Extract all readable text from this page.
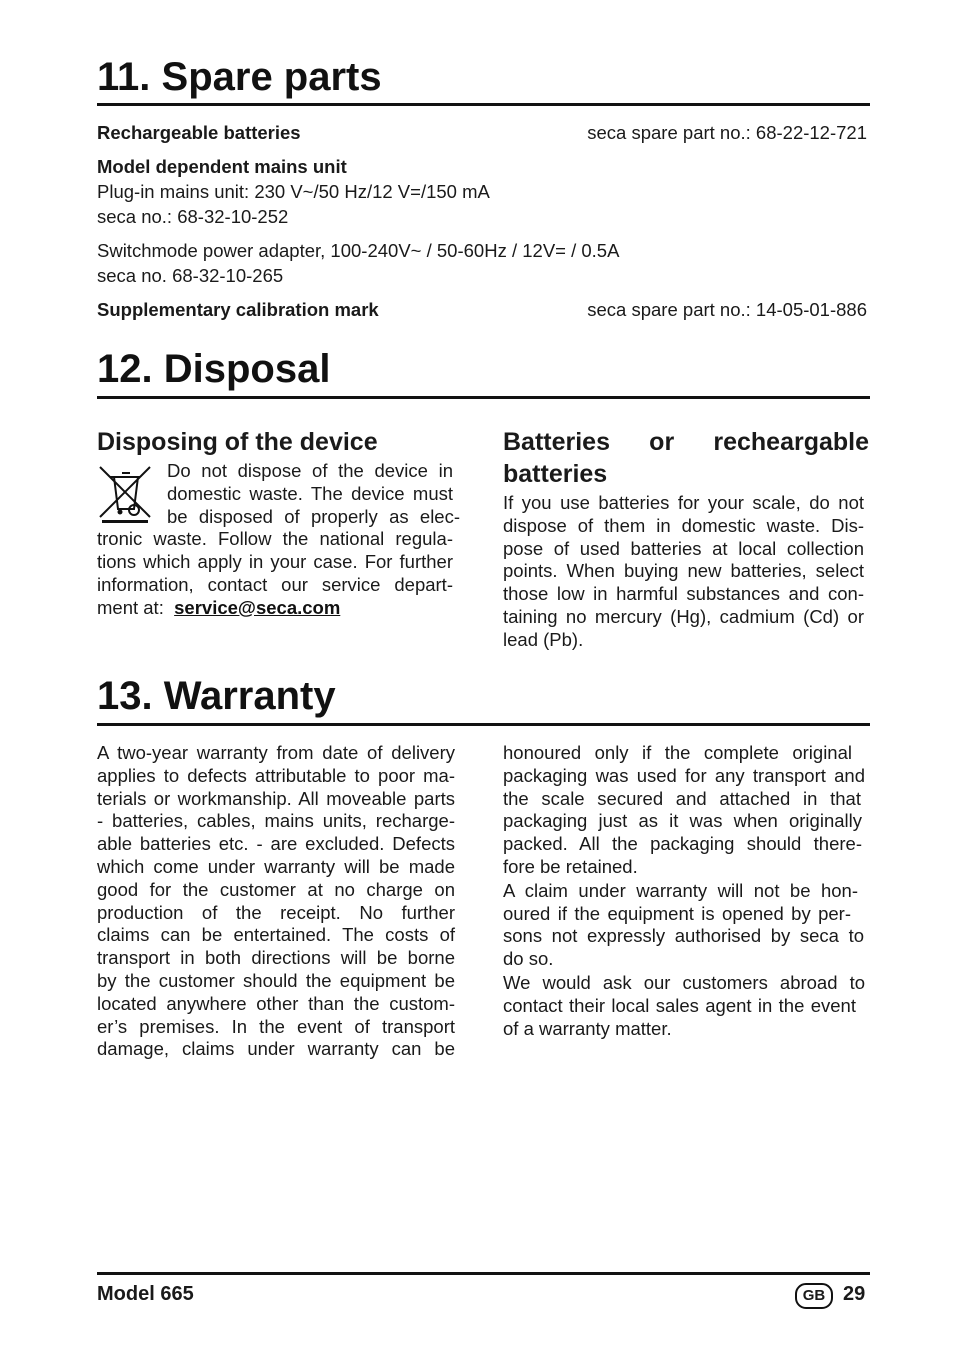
11. Spare parts
Rechargeable batteries	seca spare part no.: 68-22-12-721
Model dependent mains unit
Plug-in mains unit: 230 V~/50 Hz/12 V=/150 mA
seca no.: 68-32-10-252
Switchmode power adapter, 100-240V~ / 50-60Hz / 12V= / 0.5A
seca no. 68-32-10-265
Supplementary calibration mark	seca spare part no.: 14-05-01-886
12. Disposal
Disposing of the device
Do not dispose of the device in
domestic waste. The device must
be disposed of properly as elec-
tronic waste. Follow the national regula-
tions which apply in your case. For further
information, contact our service depart-
ment at: service@seca.com
Batteries or recheargable
batteries
If you use batteries for your scale, do not
dispose of them in domestic waste. Dis-
pose of used batteries at local collection
points. When buying new batteries, select
those low in harmful substances and con-
taining no mercury (Hg), cadmium (Cd) or
lead (Pb).
13. Warranty
A two-year warranty from date of delivery
applies to defects attributable to poor ma-
terials or workmanship. All moveable parts
- batteries, cables, mains units, recharge-
able batteries etc. - are excluded. Defects
which come under warranty will be made
good for the customer at no charge on
production of the receipt. No further
claims can be entertained. The costs of
transport in both directions will be borne
by the customer should the equipment be
located anywhere other than the custom-
er’s premises. In the event of transport
damage, claims under warranty can be
honoured only if the complete original
packaging was used for any transport and
the scale secured and attached in that
packaging just as it was when originally
packed. All the packaging should there-
fore be retained.
A claim under warranty will not be hon-
oured if the equipment is opened by per-
sons not expressly authorised by seca to
do so.
We would ask our customers abroad to
contact their local sales agent in the event
of a warranty matter.
Model 665	GB 29
